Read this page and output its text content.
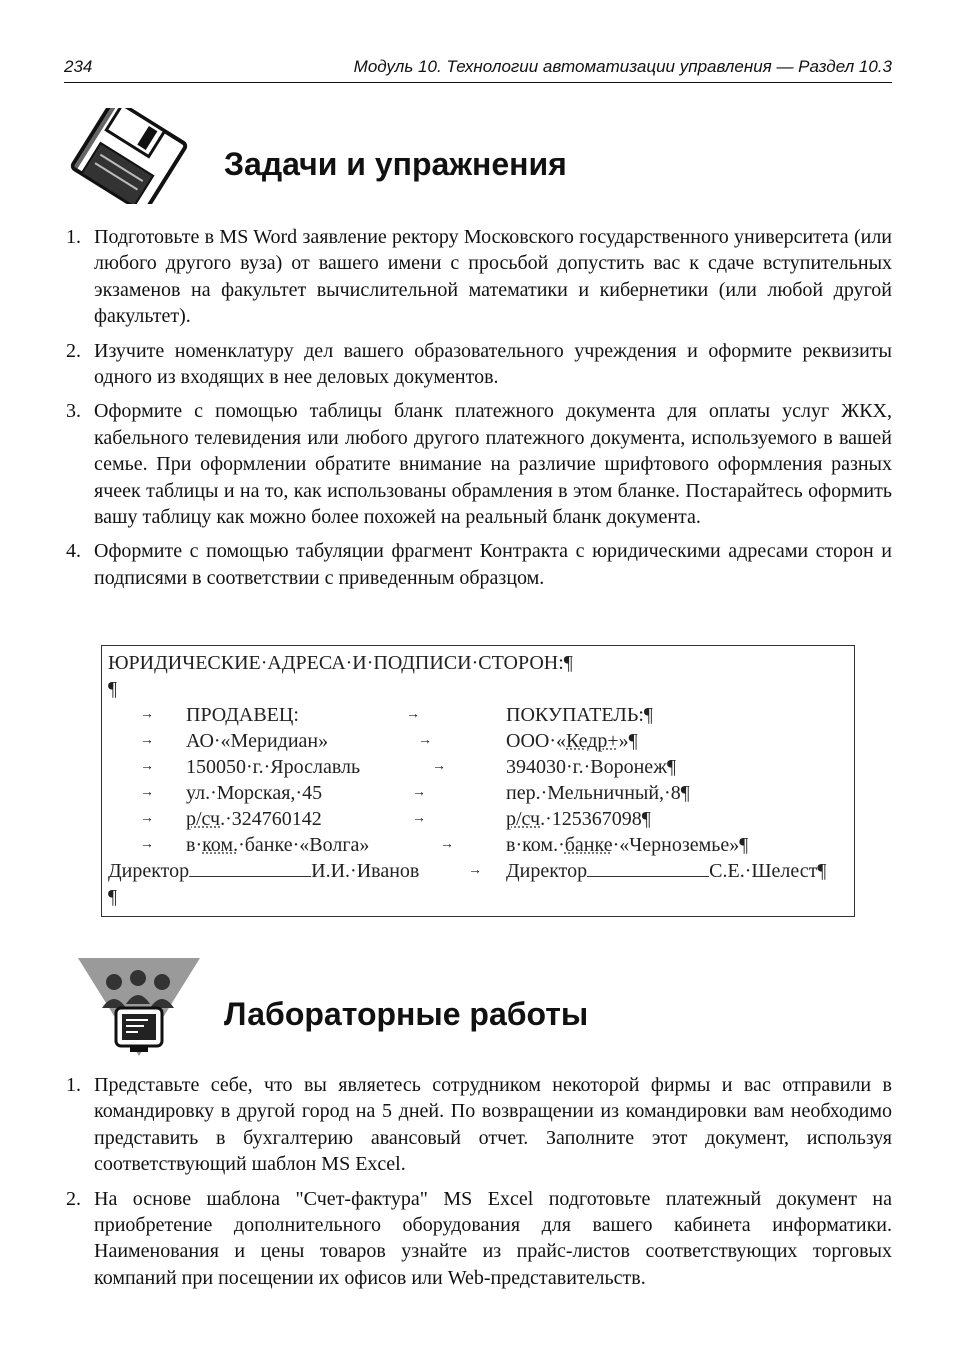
234	Модуль 10. Технологии автоматизации управления — Раздел 10.3
Задачи и упражнения
1. Подготовьте в MS Word заявление ректору Московского государственного университета (или любого другого вуза) от вашего имени с просьбой допустить вас к сдаче вступительных экзаменов на факультет вычислительной математики и кибернетики (или любой другой факультет).
2. Изучите номенклатуру дел вашего образовательного учреждения и оформите реквизиты одного из входящих в нее деловых документов.
3. Оформите с помощью таблицы бланк платежного документа для оплаты услуг ЖКХ, кабельного телевидения или любого другого платежного документа, используемого в вашей семье. При оформлении обратите внимание на различие шрифтового оформления разных ячеек таблицы и на то, как использованы обрамления в этом бланке. Постарайтесь оформить вашу таблицу как можно более похожей на реальный бланк документа.
4. Оформите с помощью табуляции фрагмент Контракта с юридическими адресами сторон и подписями в соответствии с приведенным образцом.
ЮРИДИЧЕСКИЕ·АДРЕСА·И·ПОДПИСИ·СТОРОН:¶
¶
→ ПРОДАВЕЦ:	→	ПОКУПАТЕЛЬ:¶
→ АО·«Меридиан»	→	ООО·«Кедр+»¶
→ 150050·г.·Ярославль	→	394030·г.·Воронеж¶
→ ул.·Морская,·45	→	пер.·Мельничный,·8¶
→ р/сч.·324760142	→	р/сч.·125367098¶
→ в·ком.·банке·«Волга»	→	в·ком.·банке·«Черноземье»¶
Директор	И.И.·Иванов	→ Директор	С.Е.·Шелест¶
¶
Лабораторные работы
1. Представьте себе, что вы являетесь сотрудником некоторой фирмы и вас отправили в командировку в другой город на 5 дней. По возвращении из командировки вам необходимо представить в бухгалтерию авансовый отчет. Заполните этот документ, используя соответствующий шаблон MS Excel.
2. На основе шаблона "Счет-фактура" MS Excel подготовьте платежный документ на приобретение дополнительного оборудования для вашего кабинета информатики. Наименования и цены товаров узнайте из прайс-листов соответствующих торговых компаний при посещении их офисов или Web-представительств.
